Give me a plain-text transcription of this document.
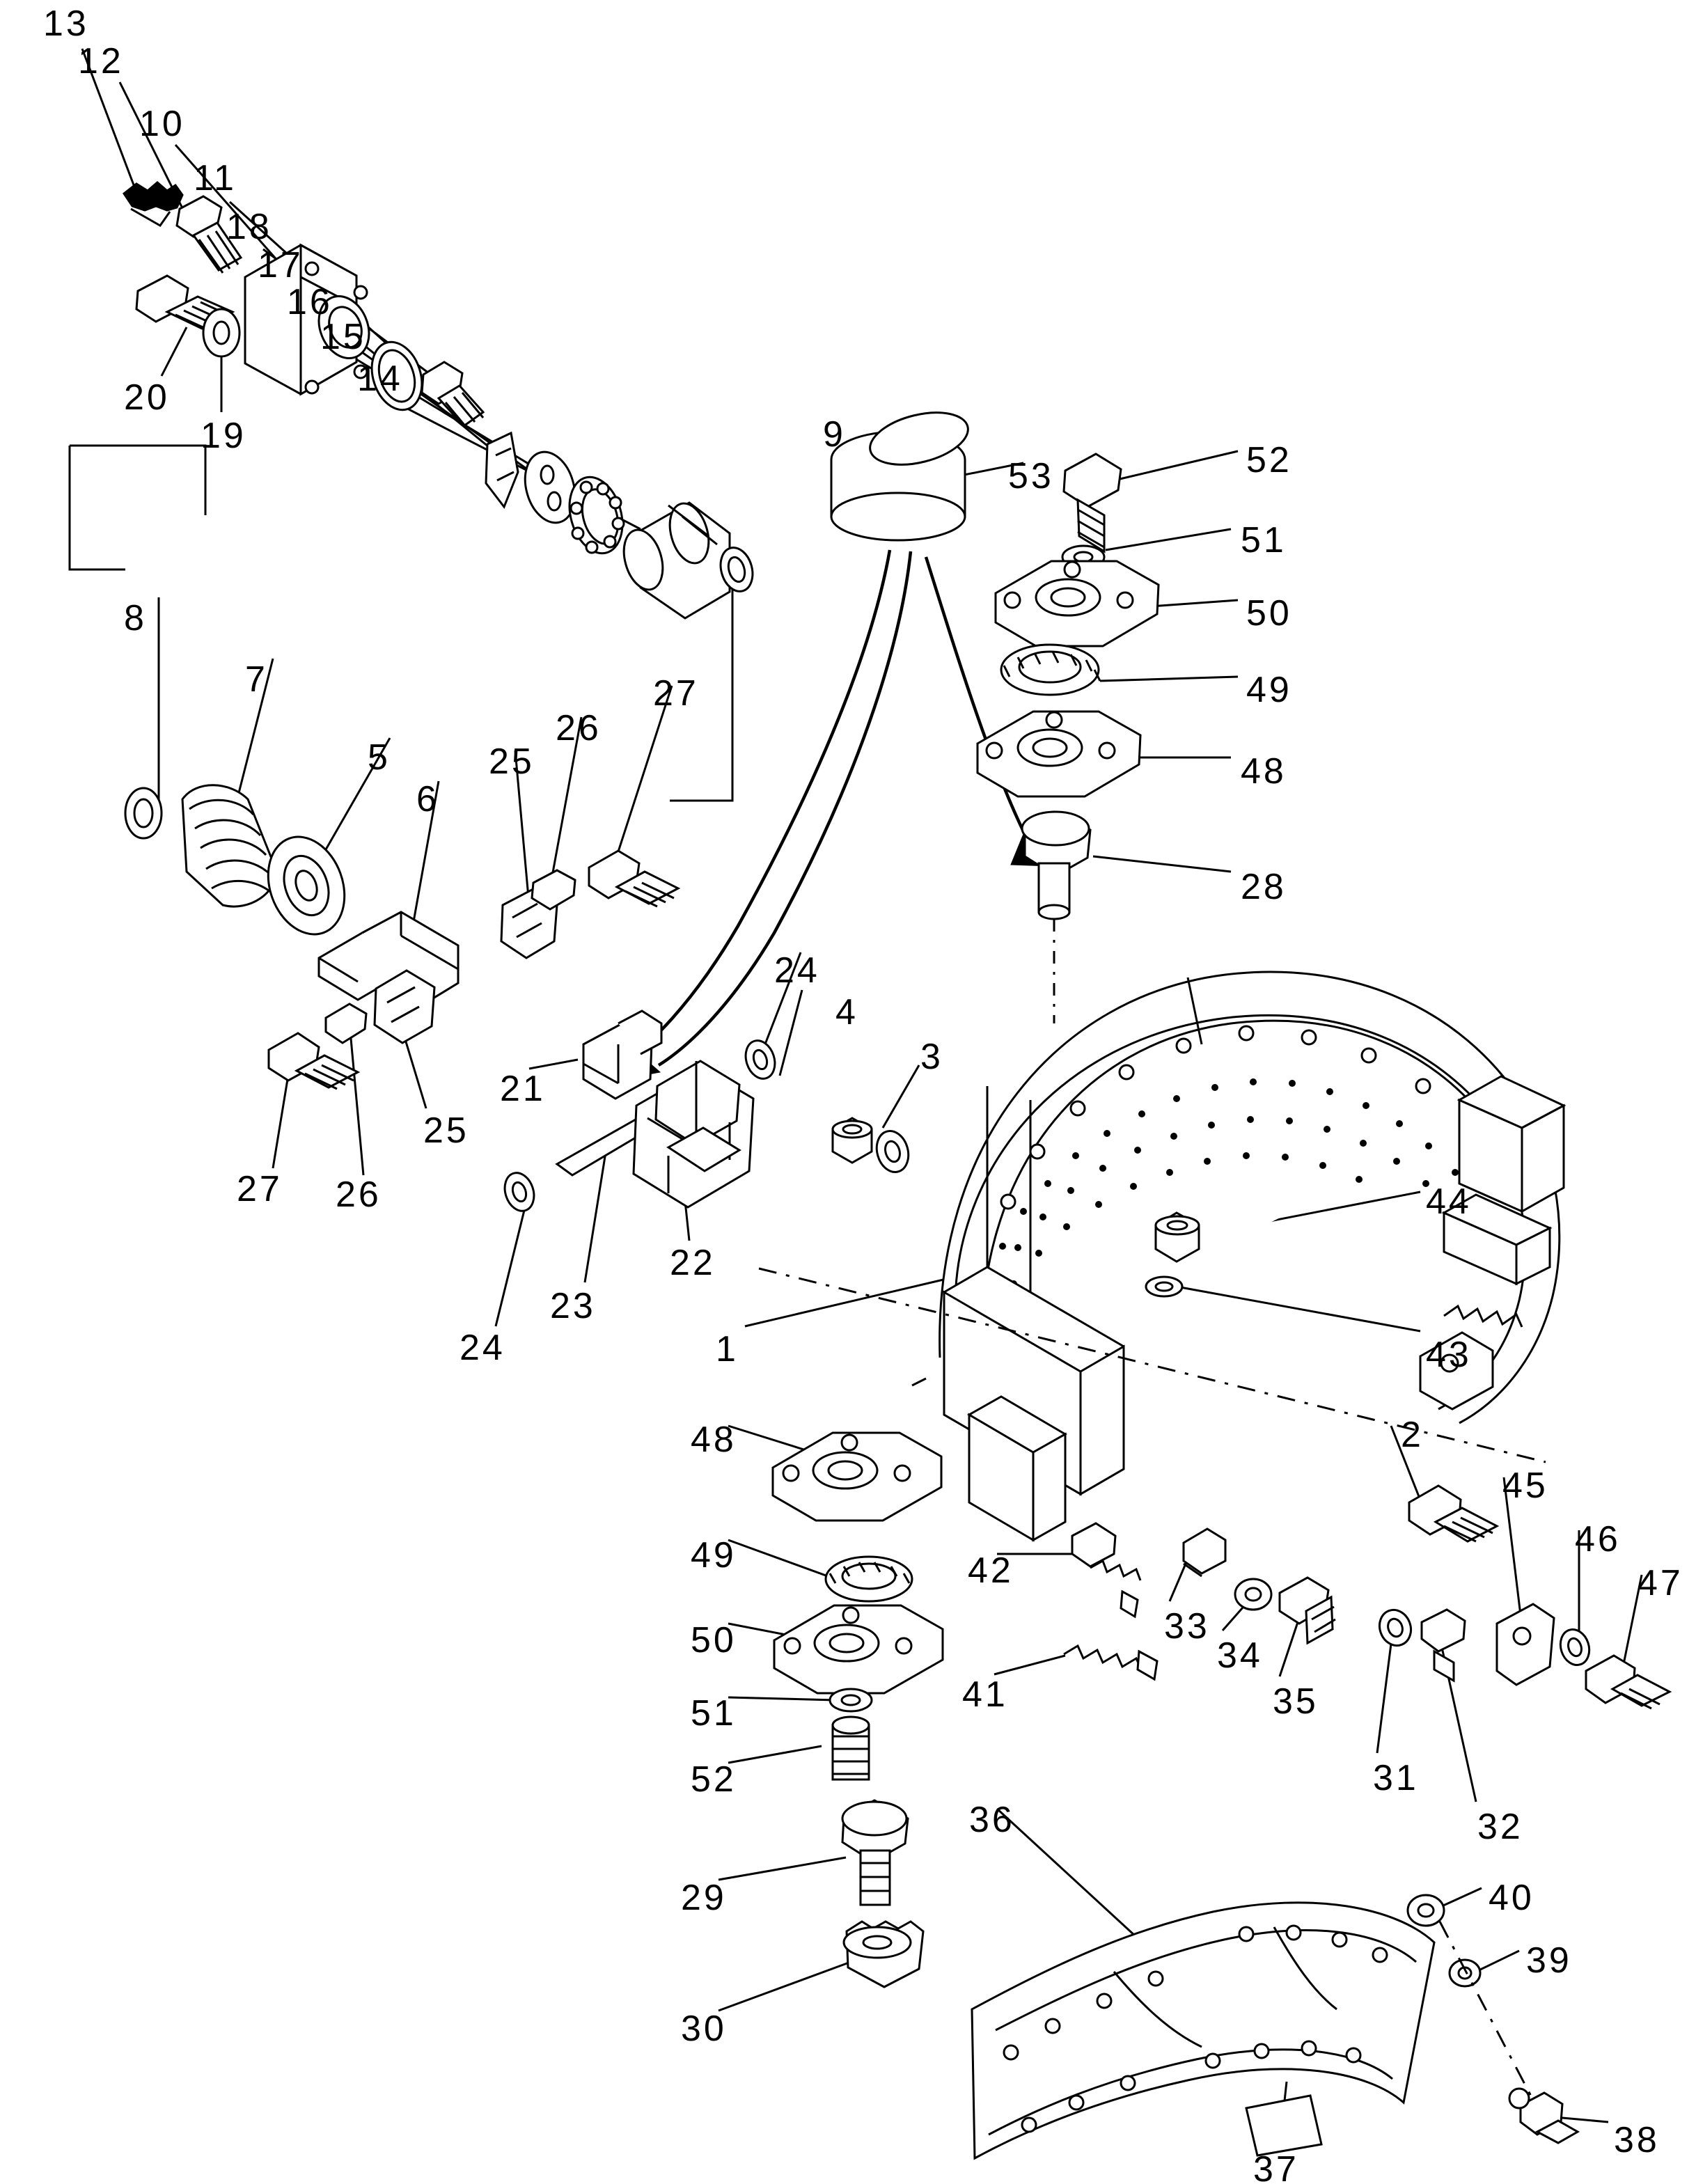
13
12
10
11
18
17
16
15
14
20
19	9
53	52
51
50
49
48
8
7
5
6
25
26
27
28
27 26
25
21
24
4
3
24
23
22
1
44
43
48
49
50
51
52
29
30
42
41
33
34
35
31
32
2
45
46
47
36
40
39
38
37
